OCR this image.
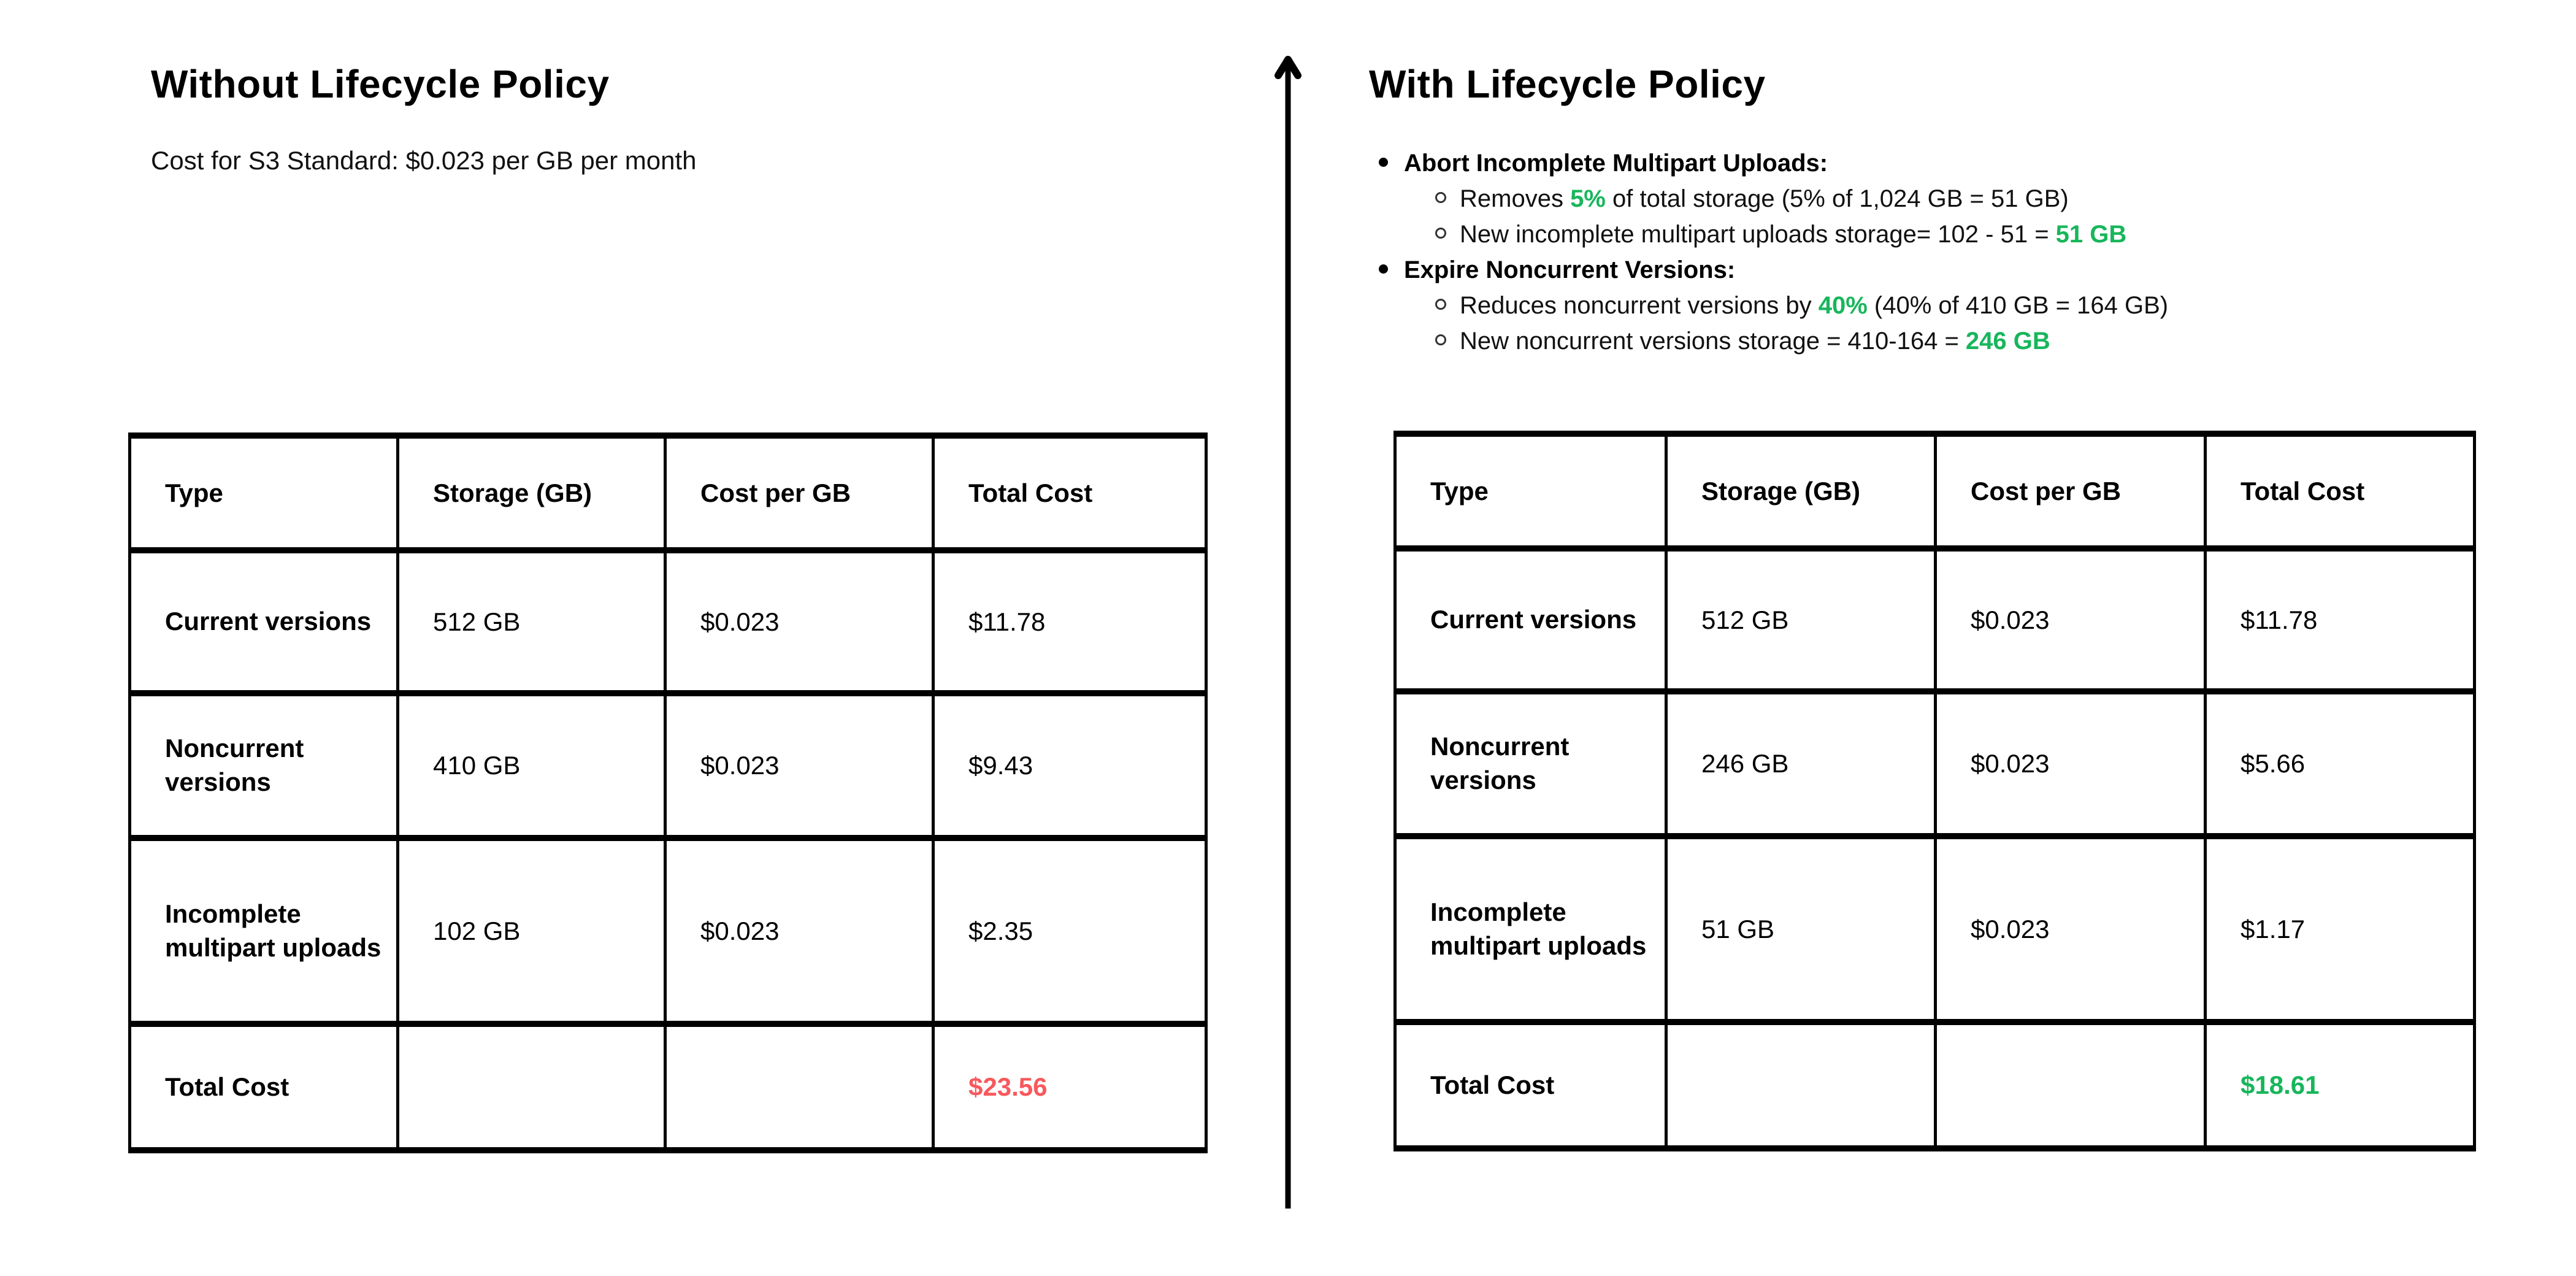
Without Lifecycle Policy
Cost for S3 Standard: $0.023 per GB per month
Type	Storage (GB)	Cost per GB	Total Cost
Current versions	512 GB	$0.023	$11.78
Noncurrent versions	410 GB	$0.023	$9.43
Incomplete multipart uploads	102 GB	$0.023	$2.35
Total Cost			$23.56
With Lifecycle Policy
Abort Incomplete Multipart Uploads:
Removes 5% of total storage (5% of 1,024 GB = 51 GB)
New incomplete multipart uploads storage= 102 - 51 = 51 GB
Expire Noncurrent Versions:
Reduces noncurrent versions by 40% (40% of 410 GB = 164 GB)
New noncurrent versions storage = 410-164 = 246 GB
Type	Storage (GB)	Cost per GB	Total Cost
Current versions	512 GB	$0.023	$11.78
Noncurrent versions	246 GB	$0.023	$5.66
Incomplete multipart uploads	51 GB	$0.023	$1.17
Total Cost			$18.61
